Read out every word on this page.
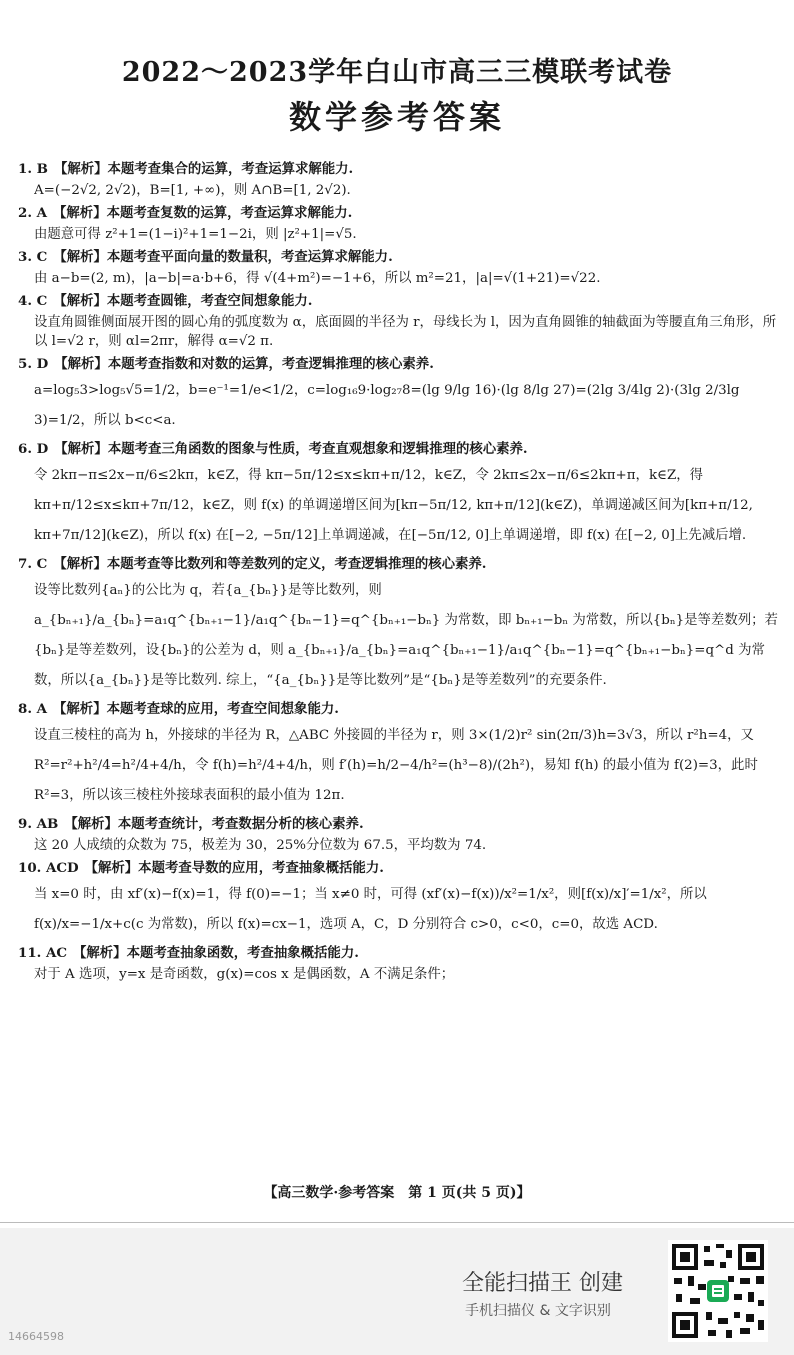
2022～2023学年白山市高三三模联考试卷
数学参考答案
1. B 【解析】本题考查集合的运算，考查运算求解能力.
A=(−2√2, 2√2)，B=[1, +∞)，则 A∩B=[1, 2√2).
2. A 【解析】本题考查复数的运算，考查运算求解能力.
由题意可得 z²+1=(1−i)²+1=1−2i，则 |z²+1|=√5.
3. C 【解析】本题考查平面向量的数量积，考查运算求解能力.
由 a−b=(2, m)，|a−b|=a·b+6，得 √(4+m²)=−1+6，所以 m²=21，|a|=√(1+21)=√22.
4. C 【解析】本题考查圆锥，考查空间想象能力.
设直角圆锥侧面展开图的圆心角的弧度数为 α，底面圆的半径为 r，母线长为 l，因为直角圆锥的轴截面为等腰直角三角形，所以 l=√2 r，则 αl=2πr，解得 α=√2 π.
5. D 【解析】本题考查指数和对数的运算，考查逻辑推理的核心素养.
a=log₅3>log₅√5=1/2，b=e⁻¹=1/e<1/2，c=log₁₆9·log₂₇8=(lg 9/lg 16)·(lg 8/lg 27)=(2lg 3/4lg 2)·(3lg 2/3lg 3)=1/2，所以 b<c<a.
6. D 【解析】本题考查三角函数的图象与性质，考查直观想象和逻辑推理的核心素养.
令 2kπ−π≤2x−π/6≤2kπ，k∈Z，得 kπ−5π/12≤x≤kπ+π/12，k∈Z，令 2kπ≤2x−π/6≤2kπ+π，k∈Z，得 kπ+π/12≤x≤kπ+7π/12，k∈Z，则 f(x) 的单调递增区间为[kπ−5π/12, kπ+π/12](k∈Z)，单调递减区间为[kπ+π/12, kπ+7π/12](k∈Z)，所以 f(x) 在[−2, −5π/12]上单调递减，在[−5π/12, 0]上单调递增，即 f(x) 在[−2, 0]上先减后增.
7. C 【解析】本题考查等比数列和等差数列的定义，考查逻辑推理的核心素养.
设等比数列{aₙ}的公比为 q，若{a_{bₙ}}是等比数列，则 a_{bₙ₊₁}/a_{bₙ}=a₁q^{bₙ₊₁−1}/a₁q^{bₙ−1}=q^{bₙ₊₁−bₙ} 为常数，即 bₙ₊₁−bₙ 为常数，所以{bₙ}是等差数列；若{bₙ}是等差数列，设{bₙ}的公差为 d，则 a_{bₙ₊₁}/a_{bₙ}=a₁q^{bₙ₊₁−1}/a₁q^{bₙ−1}=q^{bₙ₊₁−bₙ}=q^d 为常数，所以{a_{bₙ}}是等比数列. 综上，“{a_{bₙ}}是等比数列”是“{bₙ}是等差数列”的充要条件.
8. A 【解析】本题考查球的应用，考查空间想象能力.
设直三棱柱的高为 h，外接球的半径为 R，△ABC 外接圆的半径为 r，则 3×(1/2)r² sin(2π/3)h=3√3，所以 r²h=4，又 R²=r²+h²/4=h²/4+4/h，令 f(h)=h²/4+4/h，则 f′(h)=h/2−4/h²=(h³−8)/(2h²)，易知 f(h) 的最小值为 f(2)=3，此时 R²=3，所以该三棱柱外接球表面积的最小值为 12π.
9. AB 【解析】本题考查统计，考查数据分析的核心素养.
这 20 人成绩的众数为 75，极差为 30，25%分位数为 67.5，平均数为 74.
10. ACD 【解析】本题考查导数的应用，考查抽象概括能力.
当 x=0 时，由 xf′(x)−f(x)=1，得 f(0)=−1；当 x≠0 时，可得 (xf′(x)−f(x))/x²=1/x²，则[f(x)/x]′=1/x²，所以 f(x)/x=−1/x+c(c 为常数)，所以 f(x)=cx−1，选项 A，C，D 分别符合 c>0，c<0，c=0，故选 ACD.
11. AC 【解析】本题考查抽象函数，考查抽象概括能力.
对于 A 选项，y=x 是奇函数，g(x)=cos x 是偶函数，A 不满足条件；
【高三数学·参考答案　第 1 页(共 5 页)】
全能扫描王 创建
手机扫描仪 & 文字识别
14664598
